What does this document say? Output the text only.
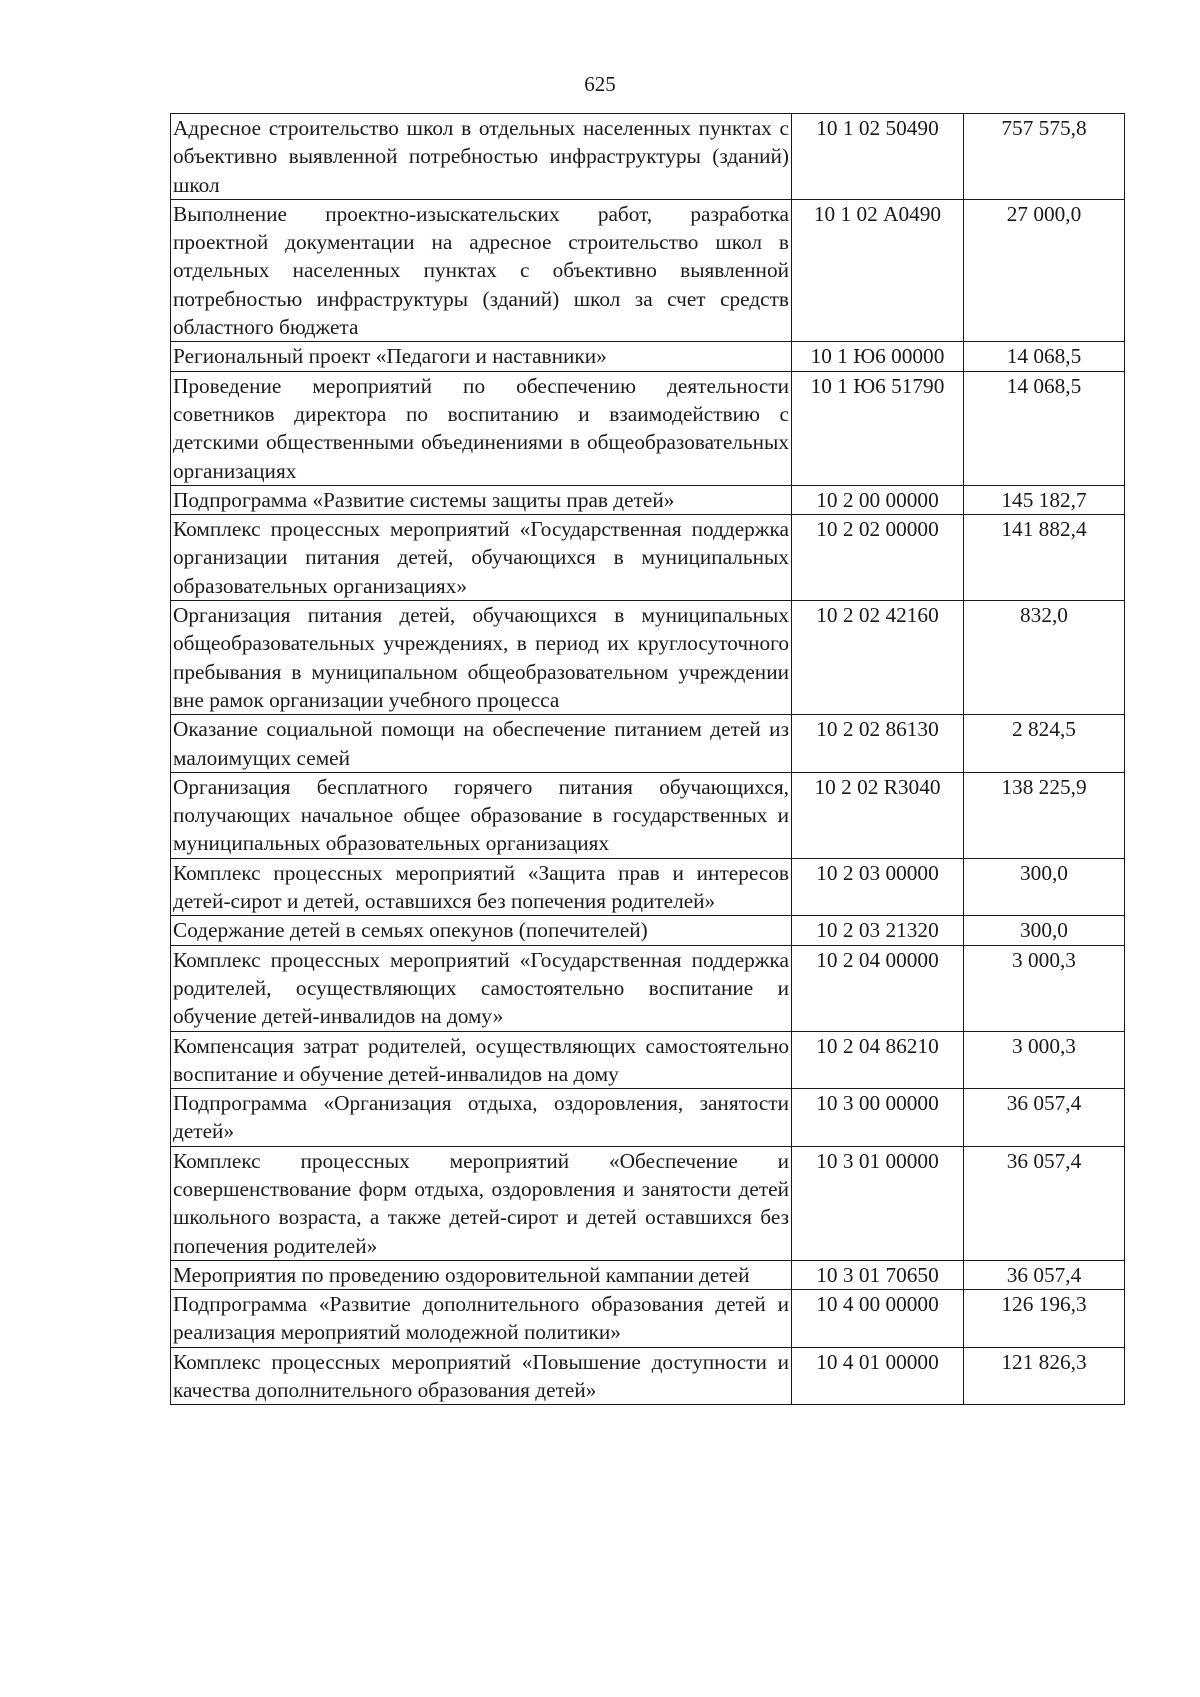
625
Адресное строительство школ в отдельных населенных пунктах с объективно выявленной потребностью инфраструктуры (зданий) школ	10 1 02 50490	757 575,8
Выполнение проектно-изыскательских работ, разработка проектной документации на адресное строительство школ в отдельных населенных пунктах с объективно выявленной потребностью инфраструктуры (зданий) школ за счет средств областного бюджета	10 1 02 А0490	27 000,0
Региональный проект «Педагоги и наставники»	10 1 Ю6 00000	14 068,5
Проведение мероприятий по обеспечению деятельности советников директора по воспитанию и взаимодействию с детскими общественными объединениями в общеобразовательных организациях	10 1 Ю6 51790	14 068,5
Подпрограмма «Развитие системы защиты прав детей»	10 2 00 00000	145 182,7
Комплекс процессных мероприятий «Государственная поддержка организации питания детей, обучающихся в муниципальных образовательных организациях»	10 2 02 00000	141 882,4
Организация питания детей, обучающихся в муниципальных общеобразовательных учреждениях, в период их круглосуточного пребывания в муниципальном общеобразовательном учреждении вне рамок организации учебного процесса	10 2 02 42160	832,0
Оказание социальной помощи на обеспечение питанием детей из малоимущих семей	10 2 02 86130	2 824,5
Организация бесплатного горячего питания обучающихся, получающих начальное общее образование в государственных и муниципальных образовательных организациях	10 2 02 R3040	138 225,9
Комплекс процессных мероприятий «Защита прав и интересов детей-сирот и детей, оставшихся без попечения родителей»	10 2 03 00000	300,0
Содержание детей в семьях опекунов (попечителей)	10 2 03 21320	300,0
Комплекс процессных мероприятий «Государственная поддержка родителей, осуществляющих самостоятельно воспитание и обучение детей-инвалидов на дому»	10 2 04 00000	3 000,3
Компенсация затрат родителей, осуществляющих самостоятельно воспитание и обучение детей-инвалидов на дому	10 2 04 86210	3 000,3
Подпрограмма «Организация отдыха, оздоровления, занятости детей»	10 3 00 00000	36 057,4
Комплекс процессных мероприятий «Обеспечение и совершенствование форм отдыха, оздоровления и занятости детей школьного возраста, а также детей-сирот и детей оставшихся без попечения родителей»	10 3 01 00000	36 057,4
Мероприятия по проведению оздоровительной кампании детей	10 3 01 70650	36 057,4
Подпрограмма «Развитие дополнительного образования детей и реализация мероприятий молодежной политики»	10 4 00 00000	126 196,3
Комплекс процессных мероприятий «Повышение доступности и качества дополнительного образования детей»	10 4 01 00000	121 826,3
